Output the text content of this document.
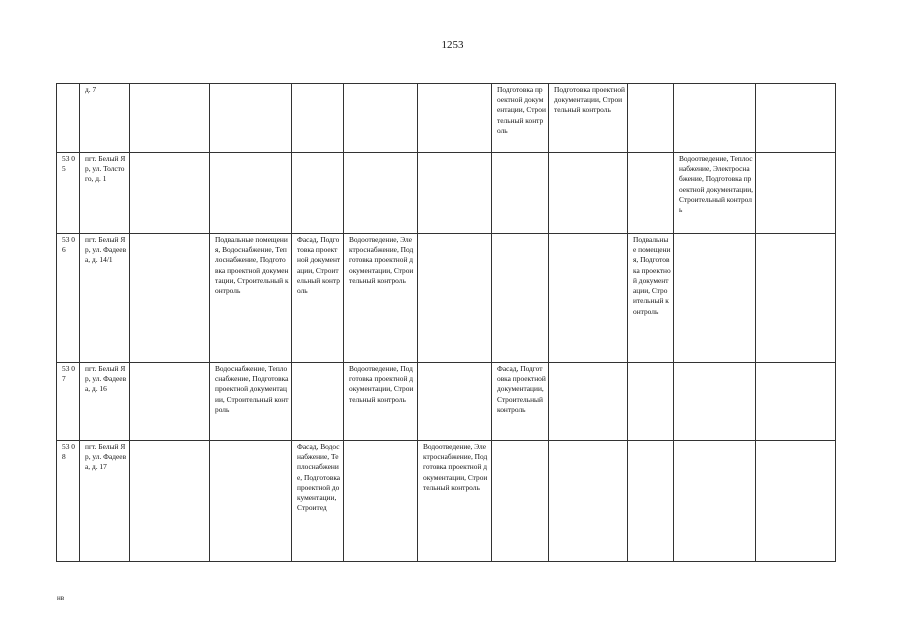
1253
	д. 7						Подготовка проектной документации, Строительный контроль	Подготовка проектной документации, Строительный контроль			
53 05	пгт. Белый Яр, ул. Толстого, д. 1									Водоотведение, Теплоснабжение, Электроснабжение, Подготовка проектной документации, Строительный контроль	
53 06	пгт. Белый Яр, ул. Фадеева, д. 14/1		Подвальные помещения, Водоснабжение, Теплоснабжение, Подготовка проектной документации, Строительный контроль	Фасад, Подготовка проектной документации, Строительный контроль	Водоотведение, Электроснабжение, Подготовка проектной документации, Строительный контроль				Подвальные помещения, Подготовка проектной документации, Строительный контроль		
53 07	пгт. Белый Яр, ул. Фадеева, д. 16		Водоснабжение, Теплоснабжение, Подготовка проектной документации, Строительный контроль		Водоотведение, Подготовка проектной документации, Строительный контроль		Фасад, Подготовка проектной документации, Строительный контроль				
53 08	пгт. Белый Яр, ул. Фадеева, д. 17			Фасад, Водоснабжение, Теплоснабжение, Подготовка проектной документации, Строитед		Водоотведение, Электроснабжение, Подготовка проектной документации, Строительный контроль					
нв
